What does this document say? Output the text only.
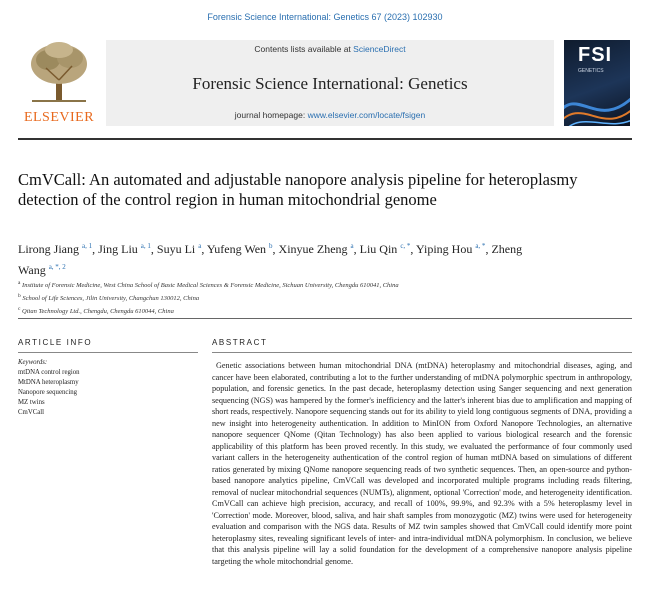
Forensic Science International: Genetics 67 (2023) 102930
ELSEVIER
Contents lists available at ScienceDirect
Forensic Science International: Genetics
journal homepage: www.elsevier.com/locate/fsigen
FSI
GENETICS
CmVCall: An automated and adjustable nanopore analysis pipeline for heteroplasmy detection of the control region in human mitochondrial genome
Lirong Jiang $^{a, 1}$, Jing Liu $^{a, 1}$, Suyu Li $^a$, Yufeng Wen $^b$, Xinyue Zheng $^a$, Liu Qin $^{c, *}$, Yiping Hou $^{a, *}$, Zheng Wang $^{a, *, 2}$
$^a$ Institute of Forensic Medicine, West China School of Basic Medical Sciences & Forensic Medicine, Sichuan University, Chengdu 610041, China
$^b$ School of Life Sciences, Jilin University, Changchun 130012, China
$^c$ Qitan Technology Ltd., Chengdu, Chengdu 610044, China
ARTICLE INFO	ABSTRACT
Keywords:
mtDNA control region
MtDNA heteroplasmy
Nanopore sequencing
MZ twins
CmVCall
Genetic associations between human mitochondrial DNA (mtDNA) heteroplasmy and mitochondrial diseases, aging, and cancer have been elaborated, contributing a lot to the further understanding of mtDNA polymorphic spectrum in anthropology, population, and forensic genetics. In the past decade, heteroplasmy detection using Sanger sequencing and next generation sequencing (NGS) was hampered by the former's inefficiency and the latter's inherent bias due to amplification and mapping of short reads, respectively. Nanopore sequencing stands out for its ability to yield long contiguous segments of DNA, providing a new insight into heterogeneity authentication. In addition to MinION from Oxford Nanopore Technologies, an alternative nanopore sequencer QNome (Qitan Technology) has also been applied to various biological research and the forensic applicability of this platform has been proved recently. In this study, we evaluated the performance of four commonly used variant callers in the heterogeneity authentication of the control region of human mtDNA based on simulations of different ratios generated by mixing QNome nanopore sequencing reads of two synthetic sequences. Then, an open-source and python-based nanopore analytics pipeline, CmVCall was developed and incorporated multiple programs including reads filtering, removal of nuclear mitochondrial sequences (NUMTs), alignment, optional 'Correction' mode, and heterogeneity identification. CmVCall can achieve high precision, accuracy, and recall of 100%, 99.9%, and 92.3% with a 5% heteroplasmy level in 'Correction' mode. Moreover, blood, saliva, and hair shaft samples from monozygotic (MZ) twins were used for heterogeneity evaluation and comparison with the NGS data. Results of MZ twin samples showed that CmVCall could identify more point heteroplasmy sites, revealing significant levels of inter- and intra-individual mtDNA polymorphism. In conclusion, we believe that this analysis pipeline will lay a solid foundation for the development of a comprehensive nanopore analysis pipeline targeting the whole mitochondrial genome.
